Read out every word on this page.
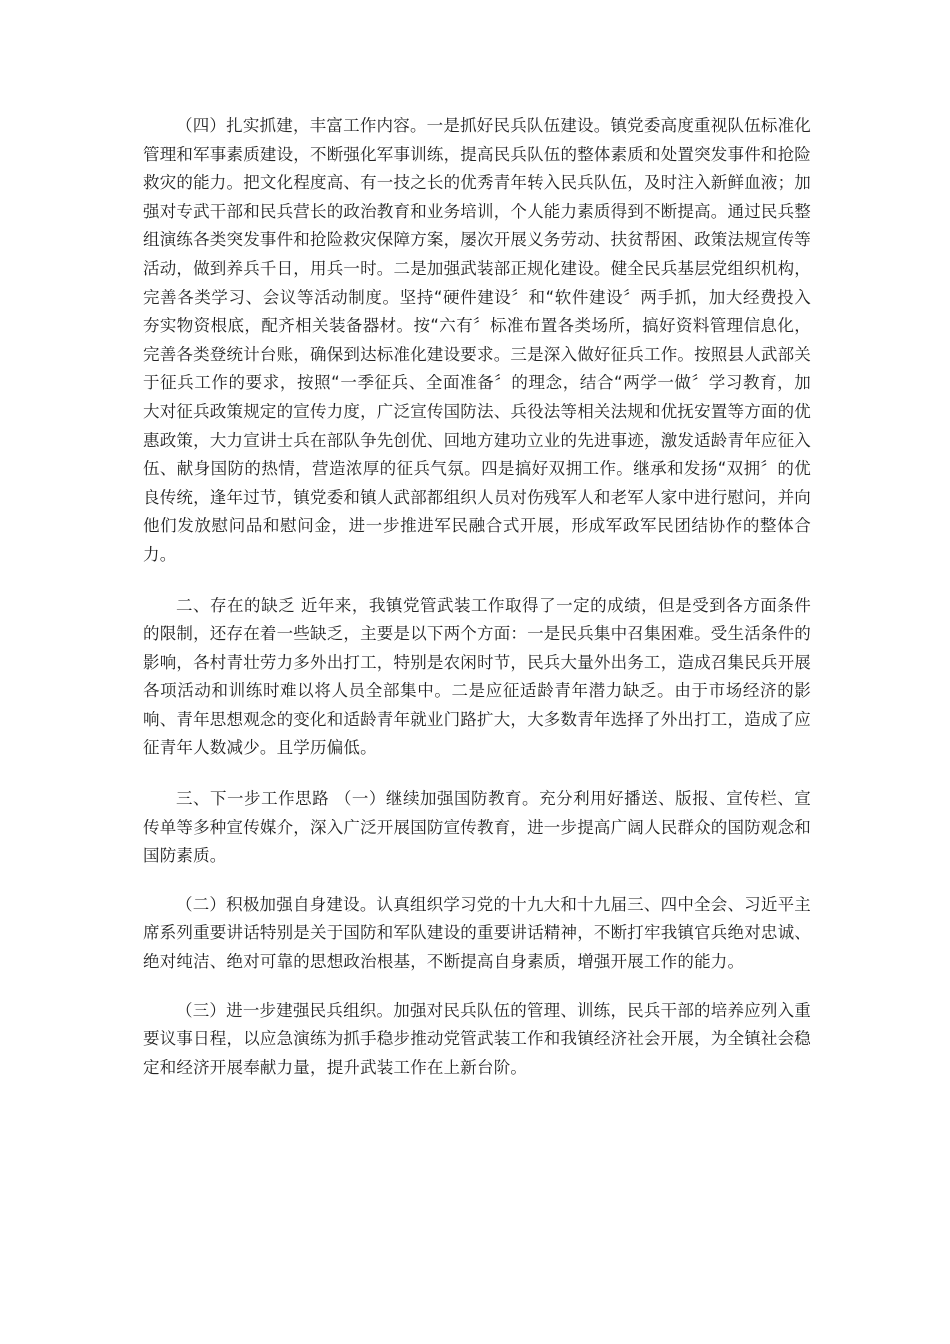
（四）扎实抓建，丰富工作内容。一是抓好民兵队伍建设。镇党委高度重视队伍标准化管理和军事素质建设，不断强化军事训练，提高民兵队伍的整体素质和处置突发事件和抢险救灾的能力。把文化程度高、有一技之长的优秀青年转入民兵队伍，及时注入新鲜血液；加强对专武干部和民兵营长的政治教育和业务培训，个人能力素质得到不断提高。通过民兵整组演练各类突发事件和抢险救灾保障方案，屡次开展义务劳动、扶贫帮困、政策法规宣传等活动，做到养兵千日，用兵一时。二是加强武装部正规化建设。健全民兵基层党组织机构，完善各类学习、会议等活动制度。坚持“硬件建设〞和“软件建设〞两手抓，加大经费投入夯实物资根底，配齐相关装备器材。按“六有〞标准布置各类场所，搞好资料管理信息化，完善各类登统计台账，确保到达标准化建设要求。三是深入做好征兵工作。按照县人武部关于征兵工作的要求，按照“一季征兵、全面准备〞的理念，结合“两学一做〞学习教育，加大对征兵政策规定的宣传力度，广泛宣传国防法、兵役法等相关法规和优抚安置等方面的优惠政策，大力宣讲士兵在部队争先创优、回地方建功立业的先进事迹，激发适龄青年应征入伍、献身国防的热情，营造浓厚的征兵气氛。四是搞好双拥工作。继承和发扬“双拥〞的优良传统，逢年过节，镇党委和镇人武部都组织人员对伤残军人和老军人家中进行慰问，并向他们发放慰问品和慰问金，进一步推进军民融合式开展，形成军政军民团结协作的整体合力。

二、存在的缺乏 近年来，我镇党管武装工作取得了一定的成绩，但是受到各方面条件的限制，还存在着一些缺乏，主要是以下两个方面：一是民兵集中召集困难。受生活条件的影响，各村青壮劳力多外出打工，特别是农闲时节，民兵大量外出务工，造成召集民兵开展各项活动和训练时难以将人员全部集中。二是应征适龄青年潜力缺乏。由于市场经济的影响、青年思想观念的变化和适龄青年就业门路扩大，大多数青年选择了外出打工，造成了应征青年人数减少。且学历偏低。

三、下一步工作思路 （一）继续加强国防教育。充分利用好播送、版报、宣传栏、宣传单等多种宣传媒介，深入广泛开展国防宣传教育，进一步提高广阔人民群众的国防观念和国防素质。

（二）积极加强自身建设。认真组织学习党的十九大和十九届三、四中全会、习近平主席系列重要讲话特别是关于国防和军队建设的重要讲话精神，不断打牢我镇官兵绝对忠诚、绝对纯洁、绝对可靠的思想政治根基，不断提高自身素质，增强开展工作的能力。

（三）进一步建强民兵组织。加强对民兵队伍的管理、训练，民兵干部的培养应列入重要议事日程，以应急演练为抓手稳步推动党管武装工作和我镇经济社会开展，为全镇社会稳定和经济开展奉献力量，提升武装工作在上新台阶。
